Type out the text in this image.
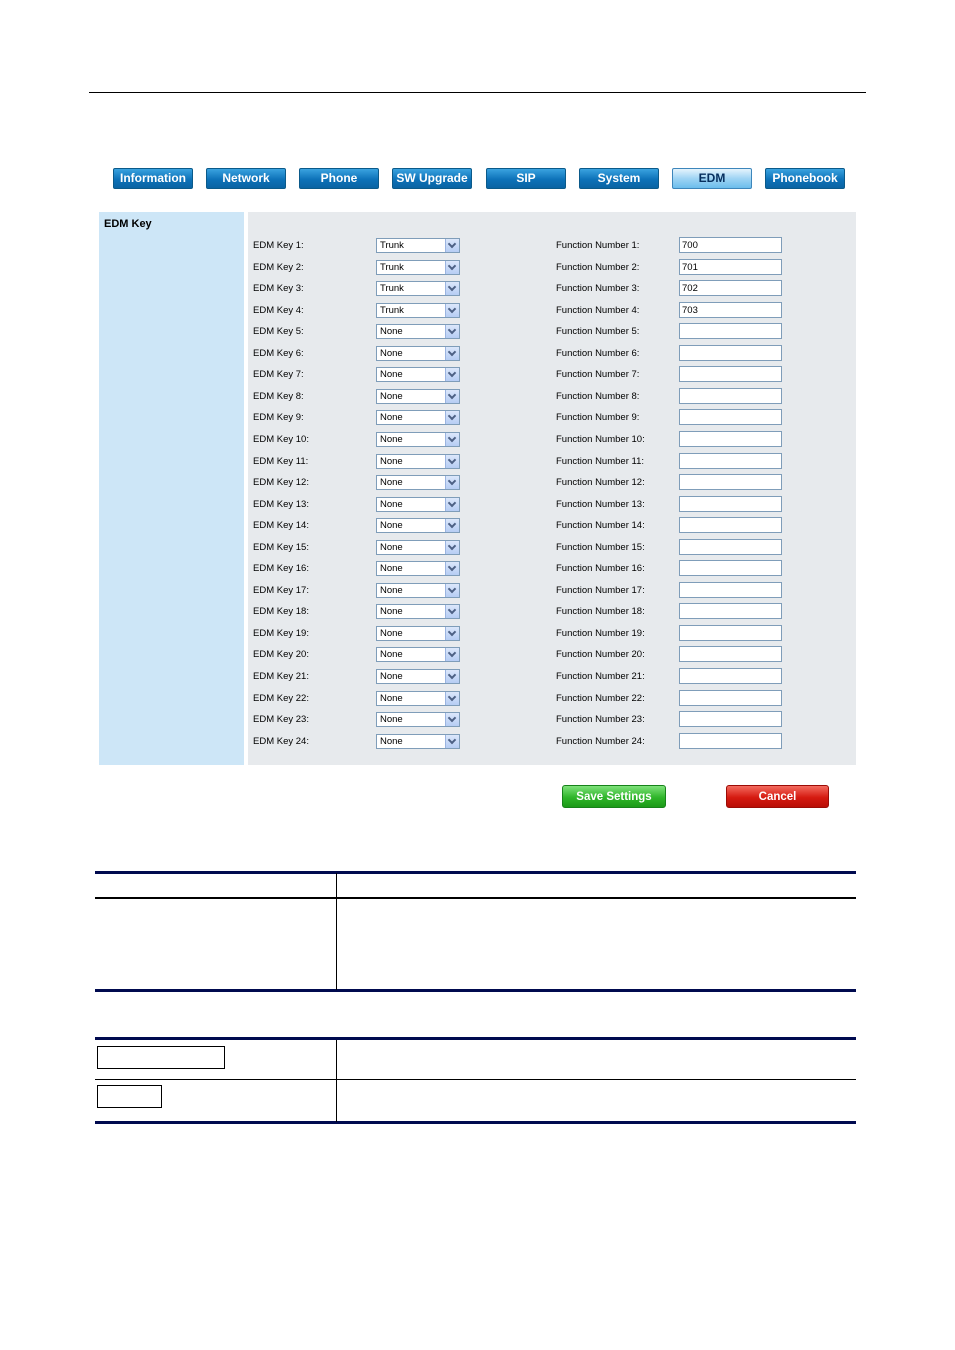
Information	Network	Phone	SW Upgrade	SIP	System	EDM	Phonebook
EDM Key
EDM Key 1:	Trunk	Function Number 1:	700
EDM Key 2:	Trunk	Function Number 2:	701
EDM Key 3:	Trunk	Function Number 3:	702
EDM Key 4:	Trunk	Function Number 4:	703
EDM Key 5:	None	Function Number 5:
EDM Key 6:	None	Function Number 6:
EDM Key 7:	None	Function Number 7:
EDM Key 8:	None	Function Number 8:
EDM Key 9:	None	Function Number 9:
EDM Key 10:	None	Function Number 10:
EDM Key 11:	None	Function Number 11:
EDM Key 12:	None	Function Number 12:
EDM Key 13:	None	Function Number 13:
EDM Key 14:	None	Function Number 14:
EDM Key 15:	None	Function Number 15:
EDM Key 16:	None	Function Number 16:
EDM Key 17:	None	Function Number 17:
EDM Key 18:	None	Function Number 18:
EDM Key 19:	None	Function Number 19:
EDM Key 20:	None	Function Number 20:
EDM Key 21:	None	Function Number 21:
EDM Key 22:	None	Function Number 22:
EDM Key 23:	None	Function Number 23:
EDM Key 24:	None	Function Number 24:
Save Settings	Cancel
